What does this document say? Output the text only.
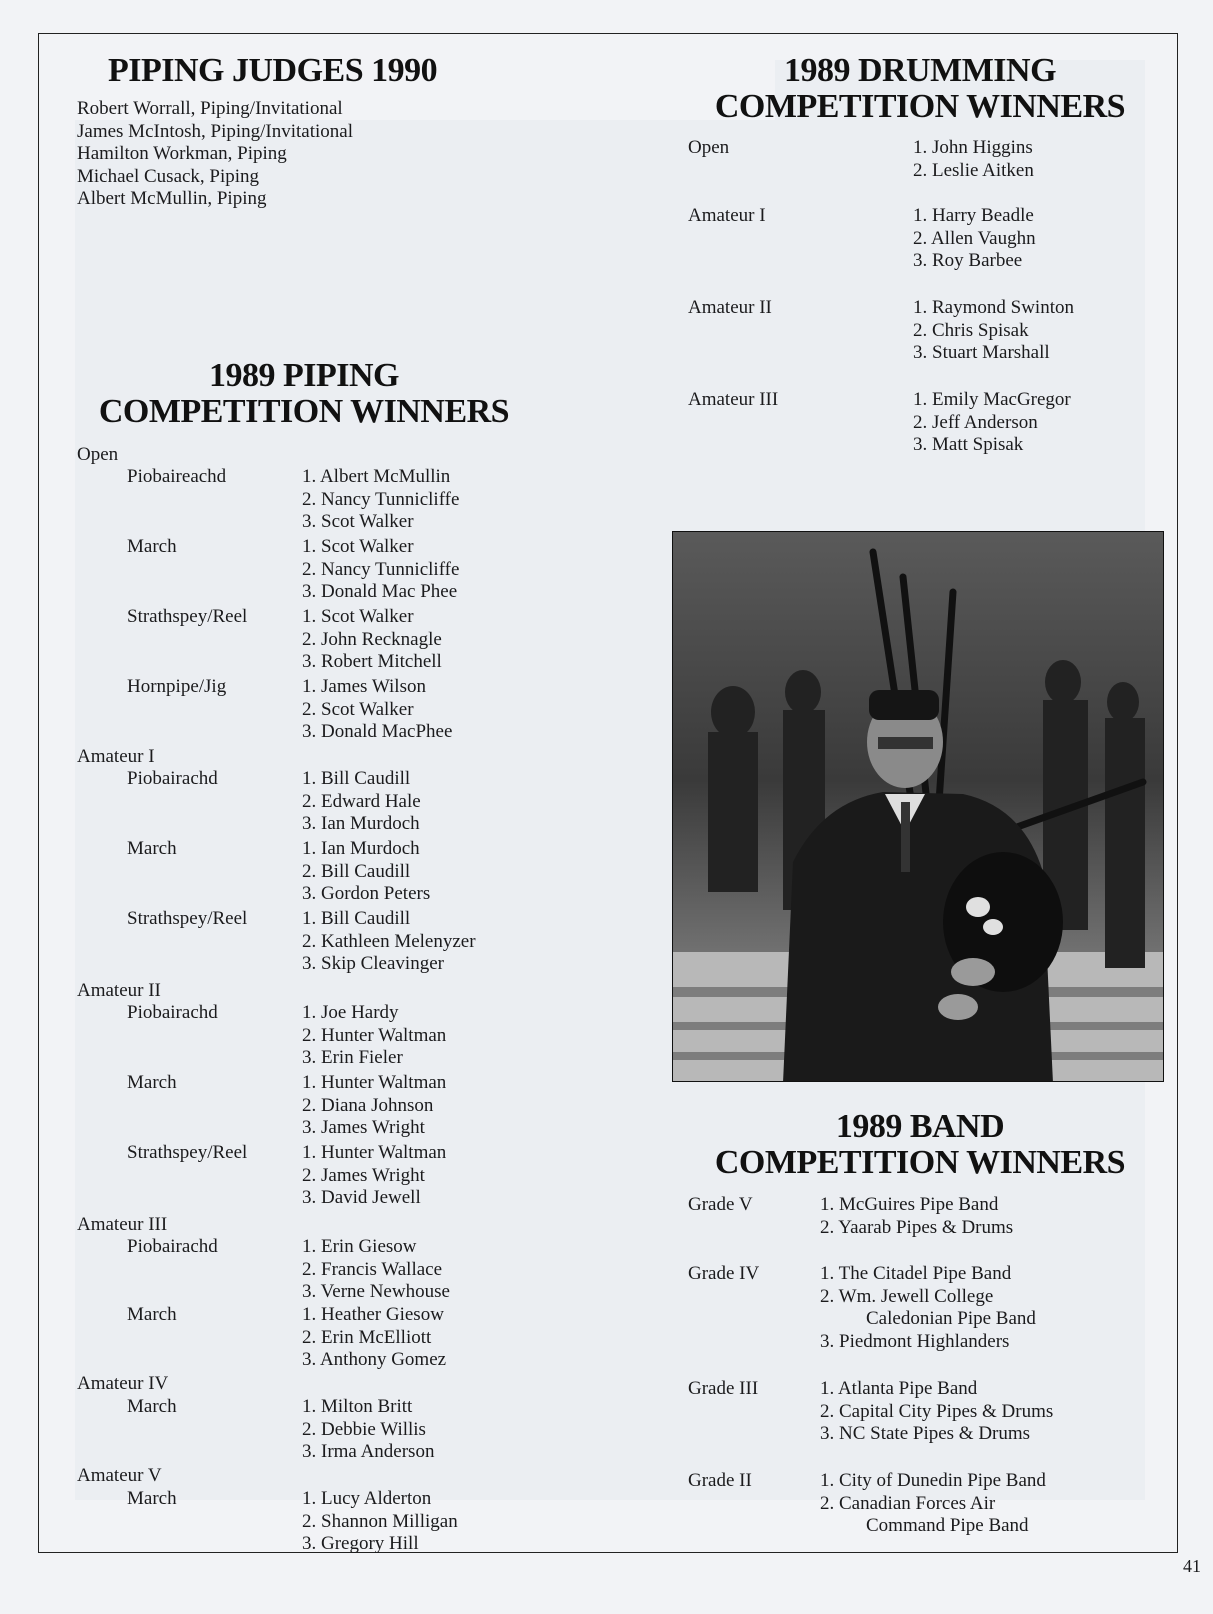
PIPING JUDGES 1990
Robert Worrall, Piping/Invitational
James McIntosh, Piping/Invitational
Hamilton Workman, Piping
Michael Cusack, Piping
Albert McMullin, Piping
1989 PIPING
COMPETITION WINNERS
Open
Piobaireachd	1. Albert McMullin
2. Nancy Tunnicliffe
3. Scot Walker
March	1. Scot Walker
2. Nancy Tunnicliffe
3. Donald Mac Phee
Strathspey/Reel	1. Scot Walker
2. John Recknagle
3. Robert Mitchell
Hornpipe/Jig	1. James Wilson
2. Scot Walker
3. Donald MacPhee
Amateur I
Piobairachd	1. Bill Caudill
2. Edward Hale
3. Ian Murdoch
March	1. Ian Murdoch
2. Bill Caudill
3. Gordon Peters
Strathspey/Reel	1. Bill Caudill
2. Kathleen Melenyzer
3. Skip Cleavinger
Amateur II
Piobairachd	1. Joe Hardy
2. Hunter Waltman
3. Erin Fieler
March	1. Hunter Waltman
2. Diana Johnson
3. James Wright
Strathspey/Reel	1. Hunter Waltman
2. James Wright
3. David Jewell
Amateur III
Piobairachd	1. Erin Giesow
2. Francis Wallace
3. Verne Newhouse
March	1. Heather Giesow
2. Erin McElliott
3. Anthony Gomez
Amateur IV
March	1. Milton Britt
2. Debbie Willis
3. Irma Anderson
Amateur V
March	1. Lucy Alderton
2. Shannon Milligan
3. Gregory Hill
1989 DRUMMING
COMPETITION WINNERS
Open	1. John Higgins
2. Leslie Aitken
Amateur I	1. Harry Beadle
2. Allen Vaughn
3. Roy Barbee
Amateur II	1. Raymond Swinton
2. Chris Spisak
3. Stuart Marshall
Amateur III	1. Emily MacGregor
2. Jeff Anderson
3. Matt Spisak
1989 BAND
COMPETITION WINNERS
Grade V	1. McGuires Pipe Band
2. Yaarab Pipes & Drums
Grade IV	1. The Citadel Pipe Band
2. Wm. Jewell College
Caledonian Pipe Band
3. Piedmont Highlanders
Grade III	1. Atlanta Pipe Band
2. Capital City Pipes & Drums
3. NC State Pipes & Drums
Grade II	1. City of Dunedin Pipe Band
2. Canadian Forces Air
Command Pipe Band
41
